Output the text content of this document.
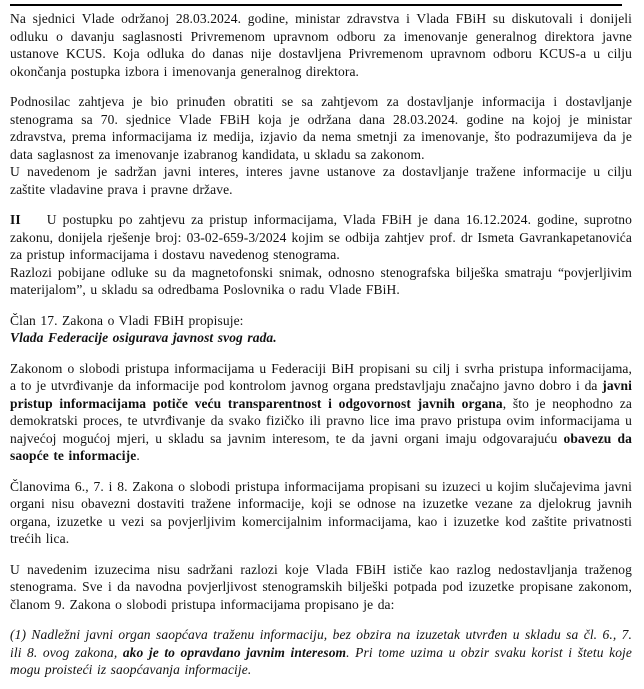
Na sjednici Vlade održanoj 28.03.2024. godine, ministar zdravstva i Vlada FBiH su diskutovali i donijeli odluku o davanju saglasnosti Privremenom upravnom odboru za imenovanje generalnog direktora javne ustanove KCUS. Koja odluka do danas nije dostavljena Privremenom upravnom odboru KCUS-a u cilju okončanja postupka izbora i imenovanja generalnog direktora.

Podnosilac zahtjeva je bio prinuđen obratiti se sa zahtjevom za dostavljanje informacija i dostavljanje stenograma sa 70. sjednice Vlade FBiH koja je održana dana 28.03.2024. godine na kojoj je ministar zdravstva, prema informacijama iz medija, izjavio da nema smetnji za imenovanje, što podrazumijeva da je data saglasnost za imenovanje izabranog kandidata, u skladu sa zakonom.

U navedenom je sadržan javni interes, interes javne ustanove za dostavljanje tražene informacije u cilju zaštite vladavine prava i pravne države.

II U postupku po zahtjevu za pristup informacijama, Vlada FBiH je dana 16.12.2024. godine, suprotno zakonu, donijela rješenje broj: 03-02-659-3/2024 kojim se odbija zahtjev prof. dr Ismeta Gavrankapetanovića za pristup informacijama i dostavu navedenog stenograma.

Razlozi pobijane odluke su da magnetofonski snimak, odnosno stenografska bilješka smatraju “povjerljivim materijalom”, u skladu sa odredbama Poslovnika o radu Vlade FBiH.

Član 17. Zakona o Vladi FBiH propisuje:

Vlada Federacije osigurava javnost svog rada.

Zakonom o slobodi pristupa informacijama u Federaciji BiH propisani su cilj i svrha pristupa informacijama, a to je utvrđivanje da informacije pod kontrolom javnog organa predstavljaju značajno javno dobro i da javni pristup informacijama potiče veću transparentnost i odgovornost javnih organa, što je neophodno za demokratski proces, te utvrđivanje da svako fizičko ili pravno lice ima pravo pristupa ovim informacijama u najvećoj mogućoj mjeri, u skladu sa javnim interesom, te da javni organi imaju odgovarajuću obavezu da saopće te informacije.

Članovima 6., 7. i 8. Zakona o slobodi pristupa informacijama propisani su izuzeci u kojim slučajevima javni organi nisu obavezni dostaviti tražene informacije, koji se odnose na izuzetke vezane za djelokrug javnih organa, izuzetke u vezi sa povjerljivim komercijalnim informacijama, kao i izuzetke kod zaštite privatnosti trećih lica.

U navedenim izuzecima nisu sadržani razlozi koje Vlada FBiH ističe kao razlog nedostavljanja traženog stenograma. Sve i da navodna povjerljivost stenogramskih bilješki potpada pod izuzetke propisane zakonom, članom 9. Zakona o slobodi pristupa informacijama propisano je da:

(1) Nadležni javni organ saopćava traženu informaciju, bez obzira na izuzetak utvrđen u skladu sa čl. 6., 7. ili 8. ovog zakona, ako je to opravdano javnim interesom. Pri tome uzima u obzir svaku korist i štetu koje mogu proisteći iz saopćavanja informacije.
